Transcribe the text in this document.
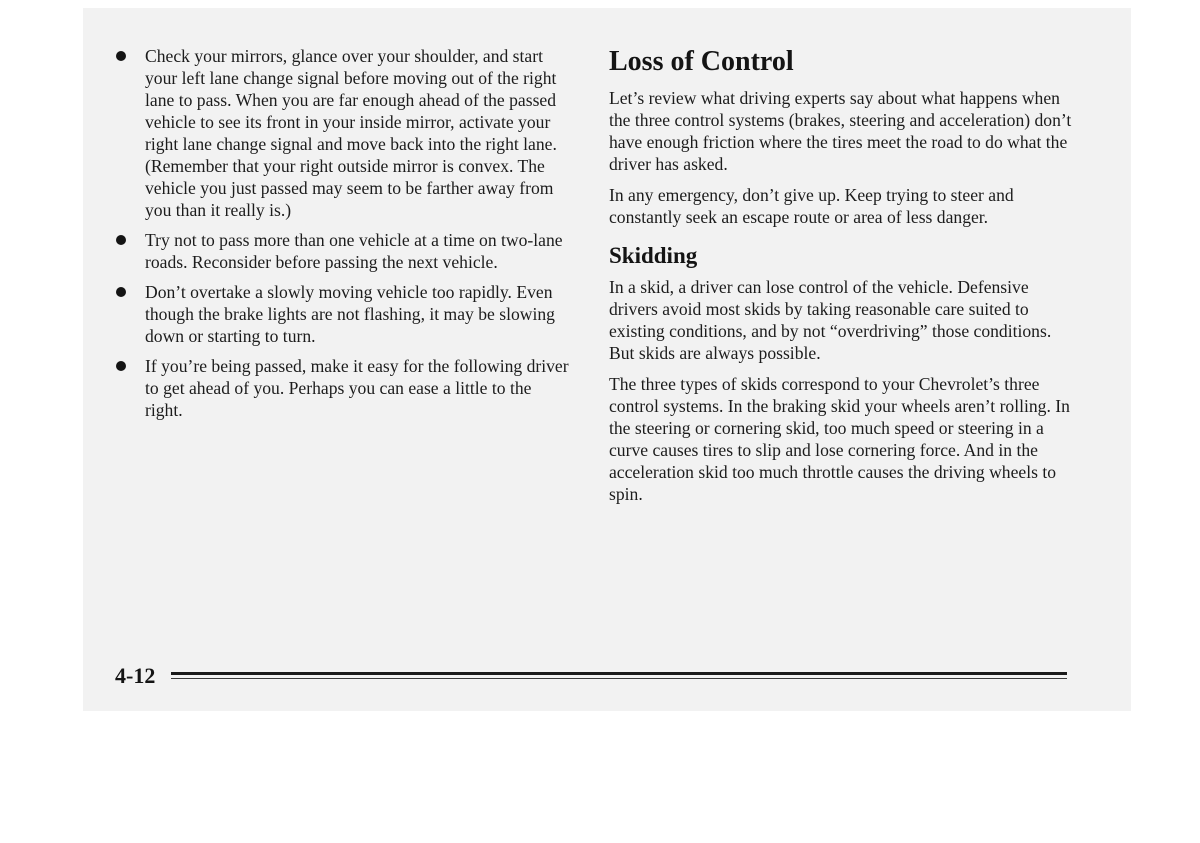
Check your mirrors, glance over your shoulder, and start your left lane change signal before moving out of the right lane to pass. When you are far enough ahead of the passed vehicle to see its front in your inside mirror, activate your right lane change signal and move back into the right lane. (Remember that your right outside mirror is convex. The vehicle you just passed may seem to be farther away from you than it really is.)
Try not to pass more than one vehicle at a time on two-lane roads. Reconsider before passing the next vehicle.
Don’t overtake a slowly moving vehicle too rapidly. Even though the brake lights are not flashing, it may be slowing down or starting to turn.
If you’re being passed, make it easy for the following driver to get ahead of you. Perhaps you can ease a little to the right.
Loss of Control

Let’s review what driving experts say about what happens when the three control systems (brakes, steering and acceleration) don’t have enough friction where the tires meet the road to do what the driver has asked.

In any emergency, don’t give up. Keep trying to steer and constantly seek an escape route or area of less danger.

Skidding

In a skid, a driver can lose control of the vehicle. Defensive drivers avoid most skids by taking reasonable care suited to existing conditions, and by not “overdriving” those conditions. But skids are always possible.

The three types of skids correspond to your Chevrolet’s three control systems. In the braking skid your wheels aren’t rolling. In the steering or cornering skid, too much speed or steering in a curve causes tires to slip and lose cornering force. And in the acceleration skid too much throttle causes the driving wheels to spin.

4-12
